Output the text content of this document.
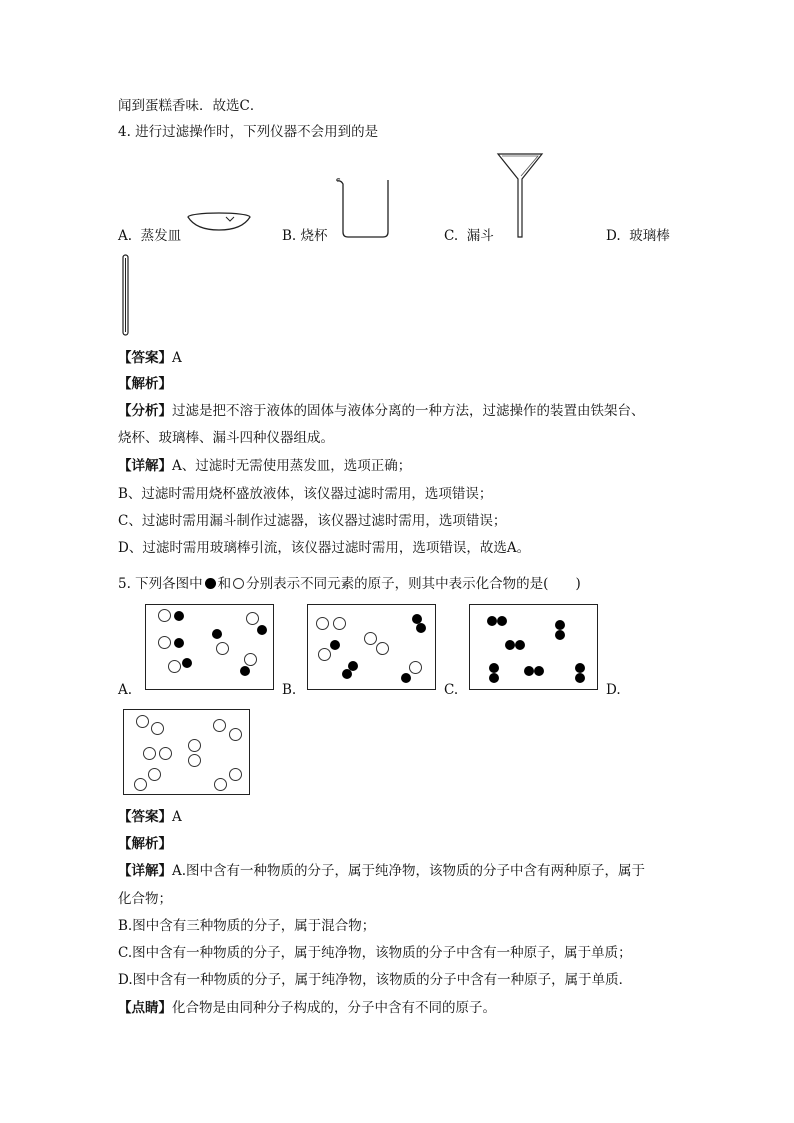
闻到蛋糕香味．故选C．
4. 进行过滤操作时，下列仪器不会用到的是
A. 蒸发皿	B. 烧杯	C. 漏斗	D. 玻璃棒
【答案】A
【解析】
【分析】过滤是把不溶于液体的固体与液体分离的一种方法，过滤操作的装置由铁架台、
烧杯、玻璃棒、漏斗四种仪器组成。
【详解】A、过滤时无需使用蒸发皿，选项正确；
B、过滤时需用烧杯盛放液体，该仪器过滤时需用，选项错误；
C、过滤时需用漏斗制作过滤器，该仪器过滤时需用，选项错误；
D、过滤时需用玻璃棒引流，该仪器过滤时需用，选项错误，故选A。
5. 下列各图中 和 分别表示不同元素的原子，则其中表示化合物的是(　　)
A.	B.	C.	D.
【答案】A
【解析】
【详解】A.图中含有一种物质的分子，属于纯净物，该物质的分子中含有两种原子，属于
化合物；
B.图中含有三种物质的分子，属于混合物；
C.图中含有一种物质的分子，属于纯净物，该物质的分子中含有一种原子，属于单质；
D.图中含有一种物质的分子，属于纯净物，该物质的分子中含有一种原子，属于单质．
【点睛】化合物是由同种分子构成的，分子中含有不同的原子。
